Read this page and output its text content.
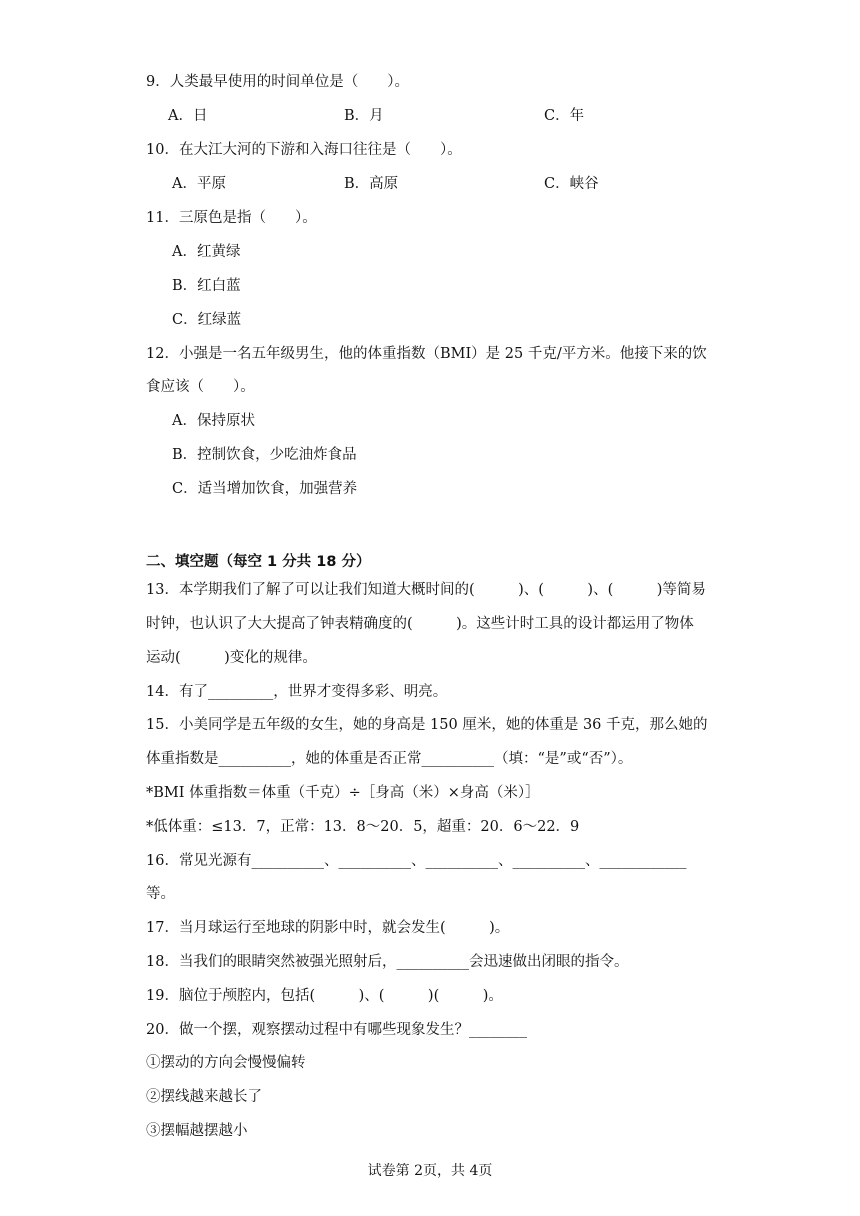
9．人类最早使用的时间单位是（　　）。
A．日	B．月	C．年
10．在大江大河的下游和入海口往往是（　　）。
A．平原	B．高原	C．峡谷
11．三原色是指（　　）。
A．红黄绿
B．红白蓝
C．红绿蓝
12．小强是一名五年级男生，他的体重指数（BMI）是 25 千克/平方米。他接下来的饮
食应该（　　）。
A．保持原状
B．控制饮食，少吃油炸食品
C．适当增加饮食，加强营养
二、填空题（每空 1 分共 18 分）
13．本学期我们了解了可以让我们知道大概时间的(　　　)、(　　　)、(　　　)等简易
时钟，也认识了大大提高了钟表精确度的(　　　)。这些计时工具的设计都运用了物体
运动(　　　)变化的规律。
14．有了_________，世界才变得多彩、明亮。
15．小美同学是五年级的女生，她的身高是 150 厘米，她的体重是 36 千克，那么她的
体重指数是__________，她的体重是否正常__________（填：“是”或“否”）。
*BMI 体重指数＝体重（千克）÷［身高（米）×身高（米）］
*低体重：≤13．7，正常：13．8～20．5，超重：20．6～22．9
16．常见光源有__________、__________、__________、__________、____________
等。
17．当月球运行至地球的阴影中时，就会发生(　　　)。
18．当我们的眼睛突然被强光照射后，__________会迅速做出闭眼的指令。
19．脑位于颅腔内，包括(　　　)、(　　　)(　　　)。
20．做一个摆，观察摆动过程中有哪些现象发生？________
①摆动的方向会慢慢偏转
②摆线越来越长了
③摆幅越摆越小
试卷第 2页，共 4页
